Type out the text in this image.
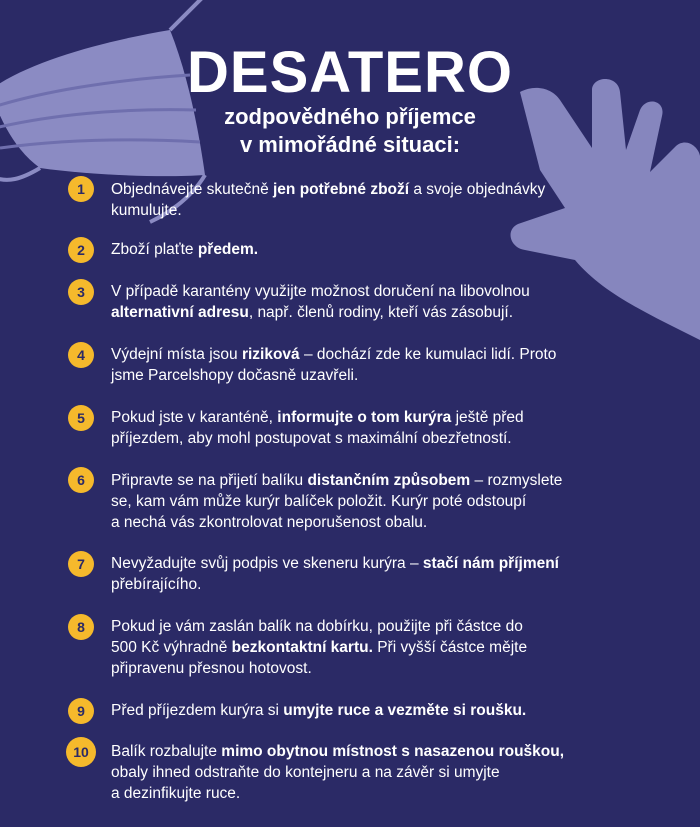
DESATERO
zodpovědného příjemce
v mimořádné situaci:
1	Objednávejte skutečně jen potřebné zboží a svoje objednávky
kumulujte.
2	Zboží plaťte předem.
3	V případě karantény využijte možnost doručení na libovolnou
alternativní adresu, např. členů rodiny, kteří vás zásobují.
4	Výdejní místa jsou riziková – dochází zde ke kumulaci lidí. Proto
jsme Parcelshopy dočasně uzavřeli.
5	Pokud jste v karanténě, informujte o tom kurýra ještě před
příjezdem, aby mohl postupovat s maximální obezřetností.
6	Připravte se na přijetí balíku distančním způsobem – rozmyslete
se, kam vám může kurýr balíček položit. Kurýr poté odstoupí
a nechá vás zkontrolovat neporušenost obalu.
7	Nevyžadujte svůj podpis ve skeneru kurýra – stačí nám příjmení
přebírajícího.
8	Pokud je vám zaslán balík na dobírku, použijte při částce do
500 Kč výhradně bezkontaktní kartu. Při vyšší částce mějte
připravenu přesnou hotovost.
9	Před příjezdem kurýra si umyjte ruce a vezměte si roušku.
10	Balík rozbalujte mimo obytnou místnost s nasazenou rouškou,
obaly ihned odstraňte do kontejneru a na závěr si umyjte
a dezinfikujte ruce.
